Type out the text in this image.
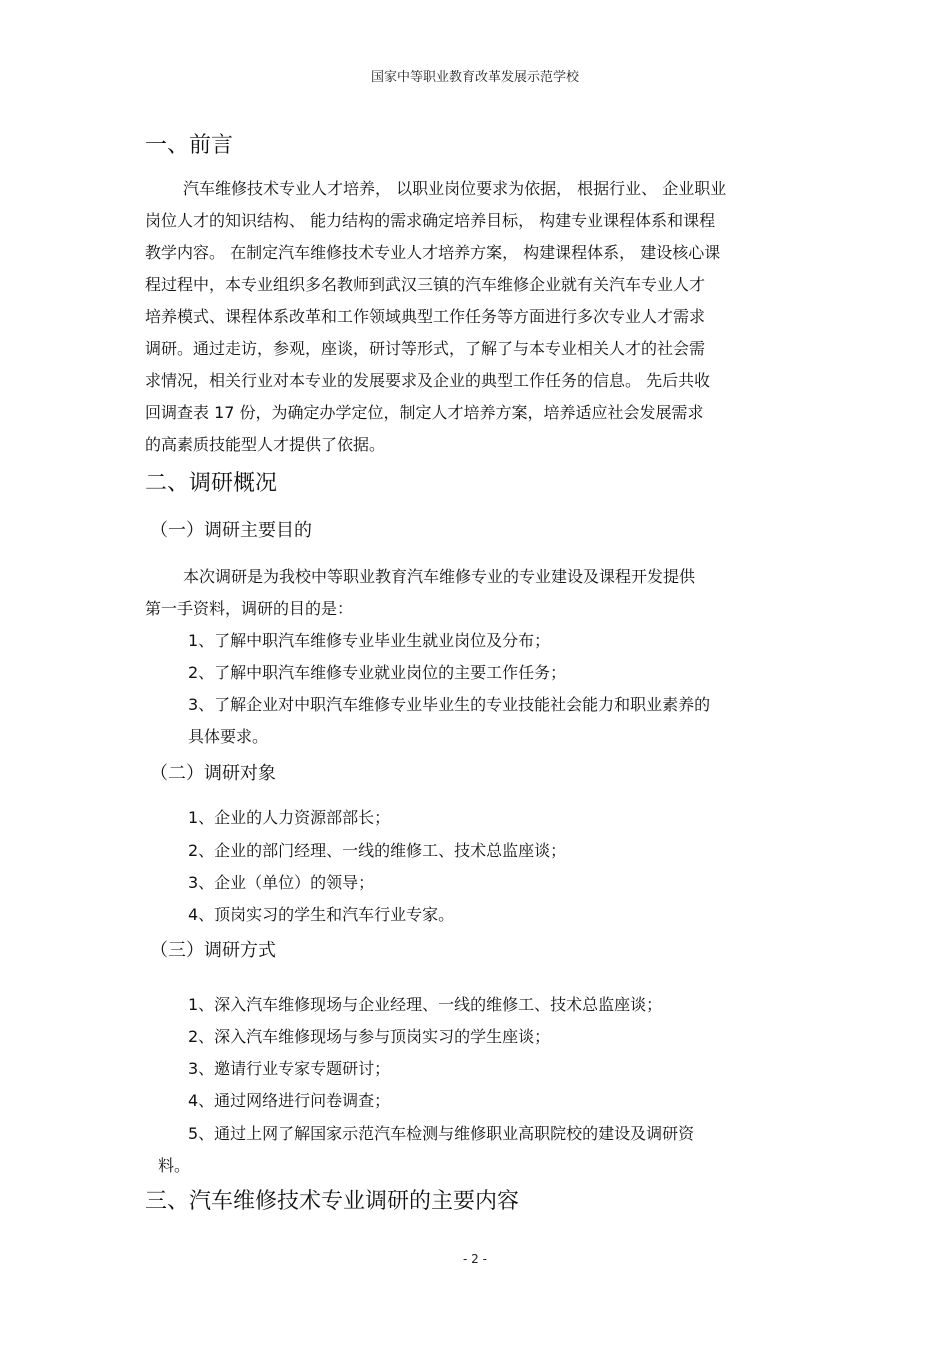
国家中等职业教育改革发展示范学校
一、前言
汽车维修技术专业人才培养， 以职业岗位要求为依据， 根据行业、 企业职业
岗位人才的知识结构、 能力结构的需求确定培养目标， 构建专业课程体系和课程
教学内容。 在制定汽车维修技术专业人才培养方案， 构建课程体系， 建设核心课
程过程中，本专业组织多名教师到武汉三镇的汽车维修企业就有关汽车专业人才
培养模式、课程体系改革和工作领域典型工作任务等方面进行多次专业人才需求
调研。通过走访，参观，座谈，研讨等形式，了解了与本专业相关人才的社会需
求情况，相关行业对本专业的发展要求及企业的典型工作任务的信息。 先后共收
回调查表 17 份，为确定办学定位，制定人才培养方案，培养适应社会发展需求
的高素质技能型人才提供了依据。
二、调研概况
（一）调研主要目的
本次调研是为我校中等职业教育汽车维修专业的专业建设及课程开发提供
第一手资料，调研的目的是：
1、了解中职汽车维修专业毕业生就业岗位及分布；
2、了解中职汽车维修专业就业岗位的主要工作任务；
3、了解企业对中职汽车维修专业毕业生的专业技能社会能力和职业素养的
具体要求。
（二）调研对象
1、企业的人力资源部部长；
2、企业的部门经理、一线的维修工、技术总监座谈；
3、企业（单位）的领导；
4、顶岗实习的学生和汽车行业专家。
（三）调研方式
1、深入汽车维修现场与企业经理、一线的维修工、技术总监座谈；
2、深入汽车维修现场与参与顶岗实习的学生座谈；
3、邀请行业专家专题研讨；
4、通过网络进行问卷调查；
5、通过上网了解国家示范汽车检测与维修职业高职院校的建设及调研资
料。
三、汽车维修技术专业调研的主要内容
- 2 -
